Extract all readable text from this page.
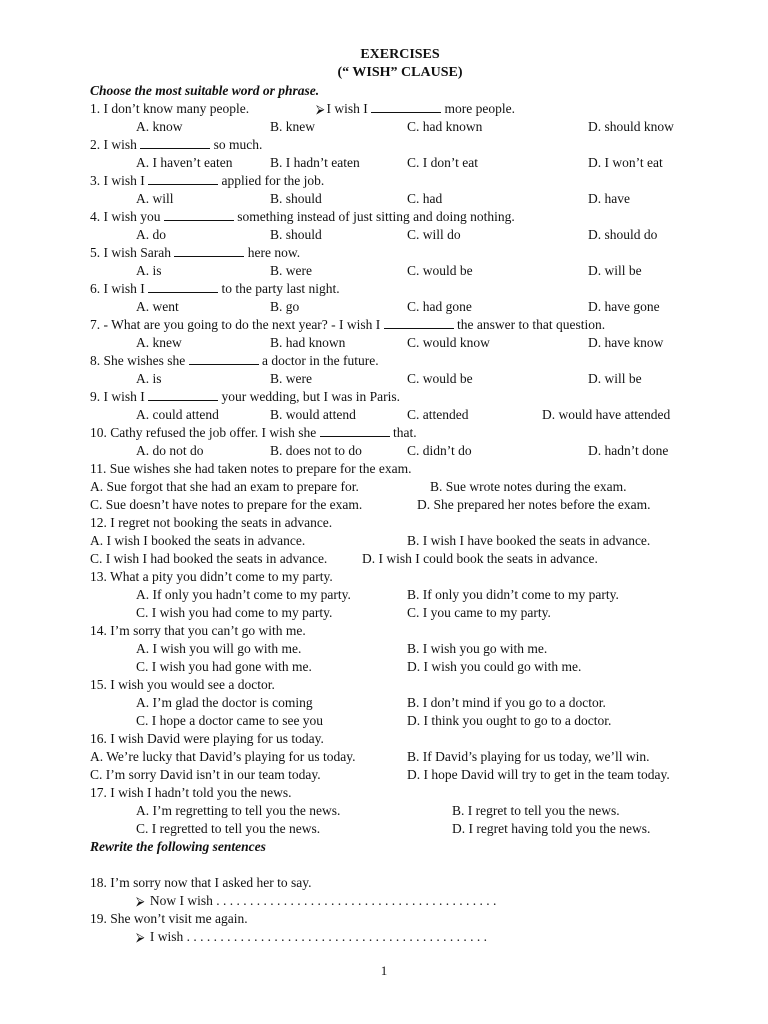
EXERCISES
(“ WISH” CLAUSE)
Choose the most suitable word or phrase.
1. I don’t know many people.	⮚ I wish I	more people.
A. know	B. knew	C. had known	D. should know
2. I wish	so much.
A. I haven’t eaten	B. I hadn’t eaten	C. I don’t eat	D. I won’t eat
3. I wish I	applied for the job.
A. will	B. should	C. had	D. have
4. I wish you	something instead of just sitting and doing nothing.
A. do	B. should	C. will do	D. should do
5. I wish Sarah	here now.
A. is	B. were	C. would be	D. will be
6. I wish I	to the party last night.
A. went	B. go	C. had gone	D. have gone
7. - What are you going to do the next year? - I wish I	the answer to that question.
A. knew	B. had known	C. would know	D. have know
8. She wishes she	a doctor in the future.
A. is	B. were	C. would be	D. will be
9. I wish I	your wedding, but I was in Paris.
A. could attend	B. would attend	C. attended	D. would have attended
10. Cathy refused the job offer. I wish she	that.
A. do not do	B. does not to do	C. didn’t do	D. hadn’t done
11. Sue wishes she had taken notes to prepare for the exam.
A. Sue forgot that she had an exam to prepare for.	B. Sue wrote notes during the exam.
C. Sue doesn’t have notes to prepare for the exam.	D. She prepared her notes before the exam.
12. I regret not booking the seats in advance.
A. I wish I booked the seats in advance.	B. I wish I have booked the seats in advance.
C. I wish I had booked the seats in advance.	D. I wish I could book the seats in advance.
13. What a pity you didn’t come to my party.
A. If only you hadn’t come to my party.	B. If only you didn’t come to my party.
C. I wish you had come to my party.	C. I you came to my party.
14. I’m sorry that you can’t go with me.
A. I wish you will go with me.	B. I wish you go with me.
C. I wish you had gone with me.	D. I wish you could go with me.
15. I wish you would see a doctor.
A. I’m glad the doctor is coming	B. I don’t mind if you go to a doctor.
C. I hope a doctor came to see you	D. I think you ought to go to a doctor.
16. I wish David were playing for us today.
A. We’re lucky that David’s playing for us today.	B. If David’s playing for us today, we’ll win.
C. I’m sorry David isn’t in our team today.	D. I hope David will try to get in the team today.
17. I wish I hadn’t told you the news.
A. I’m regretting to tell you the news.	B. I regret to tell you the news.
C. I regretted to tell you the news.	D. I regret having told you the news.
Rewrite the following sentences
18. I’m sorry now that I asked her to say.
⮚ Now I wish . . . . . . . . . . . . . . . . . . . . . . . . . . . . . . . . . . . . . . . . . .
19. She won’t visit me again.
⮚ I wish . . . . . . . . . . . . . . . . . . . . . . . . . . . . . . . . . . . . . . . . . . . . .
1
